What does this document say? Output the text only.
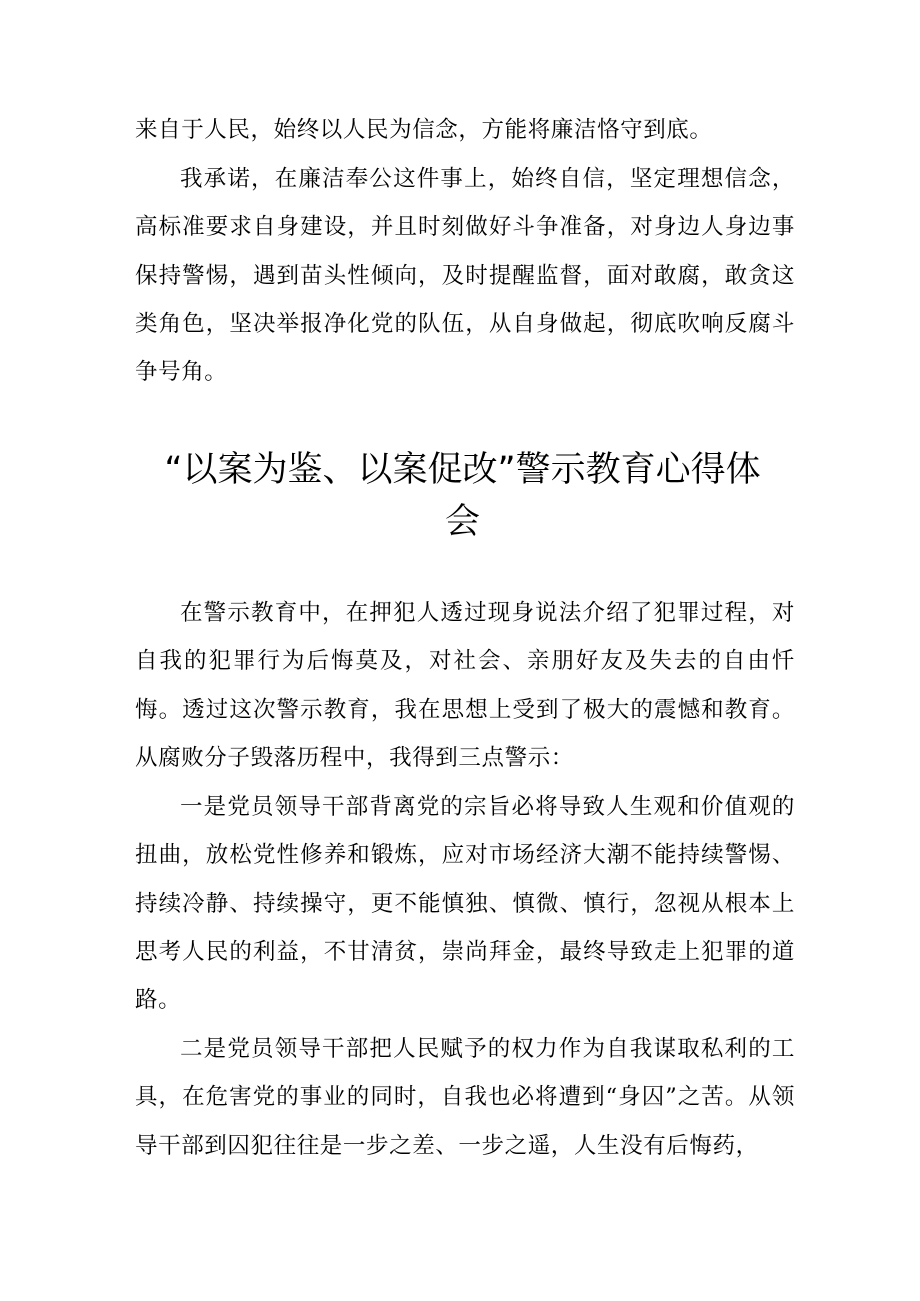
来自于人民，始终以人民为信念，方能将廉洁恪守到底。

我承诺，在廉洁奉公这件事上，始终自信，坚定理想信念，高标准要求自身建设，并且时刻做好斗争准备，对身边人身边事保持警惕，遇到苗头性倾向，及时提醒监督，面对敢腐，敢贪这类角色，坚决举报净化党的队伍，从自身做起，彻底吹响反腐斗争号角。

“以案为鉴、以案促改”警示教育心得体会

在警示教育中，在押犯人透过现身说法介绍了犯罪过程，对自我的犯罪行为后悔莫及，对社会、亲朋好友及失去的自由忏悔。透过这次警示教育，我在思想上受到了极大的震憾和教育。从腐败分子毁落历程中，我得到三点警示：

一是党员领导干部背离党的宗旨必将导致人生观和价值观的扭曲，放松党性修养和锻炼，应对市场经济大潮不能持续警惕、持续冷静、持续操守，更不能慎独、慎微、慎行，忽视从根本上思考人民的利益，不甘清贫，崇尚拜金，最终导致走上犯罪的道路。

二是党员领导干部把人民赋予的权力作为自我谋取私利的工具，在危害党的事业的同时，自我也必将遭到“身囚”之苦。从领导干部到囚犯往往是一步之差、一步之遥，人生没有后悔药，
